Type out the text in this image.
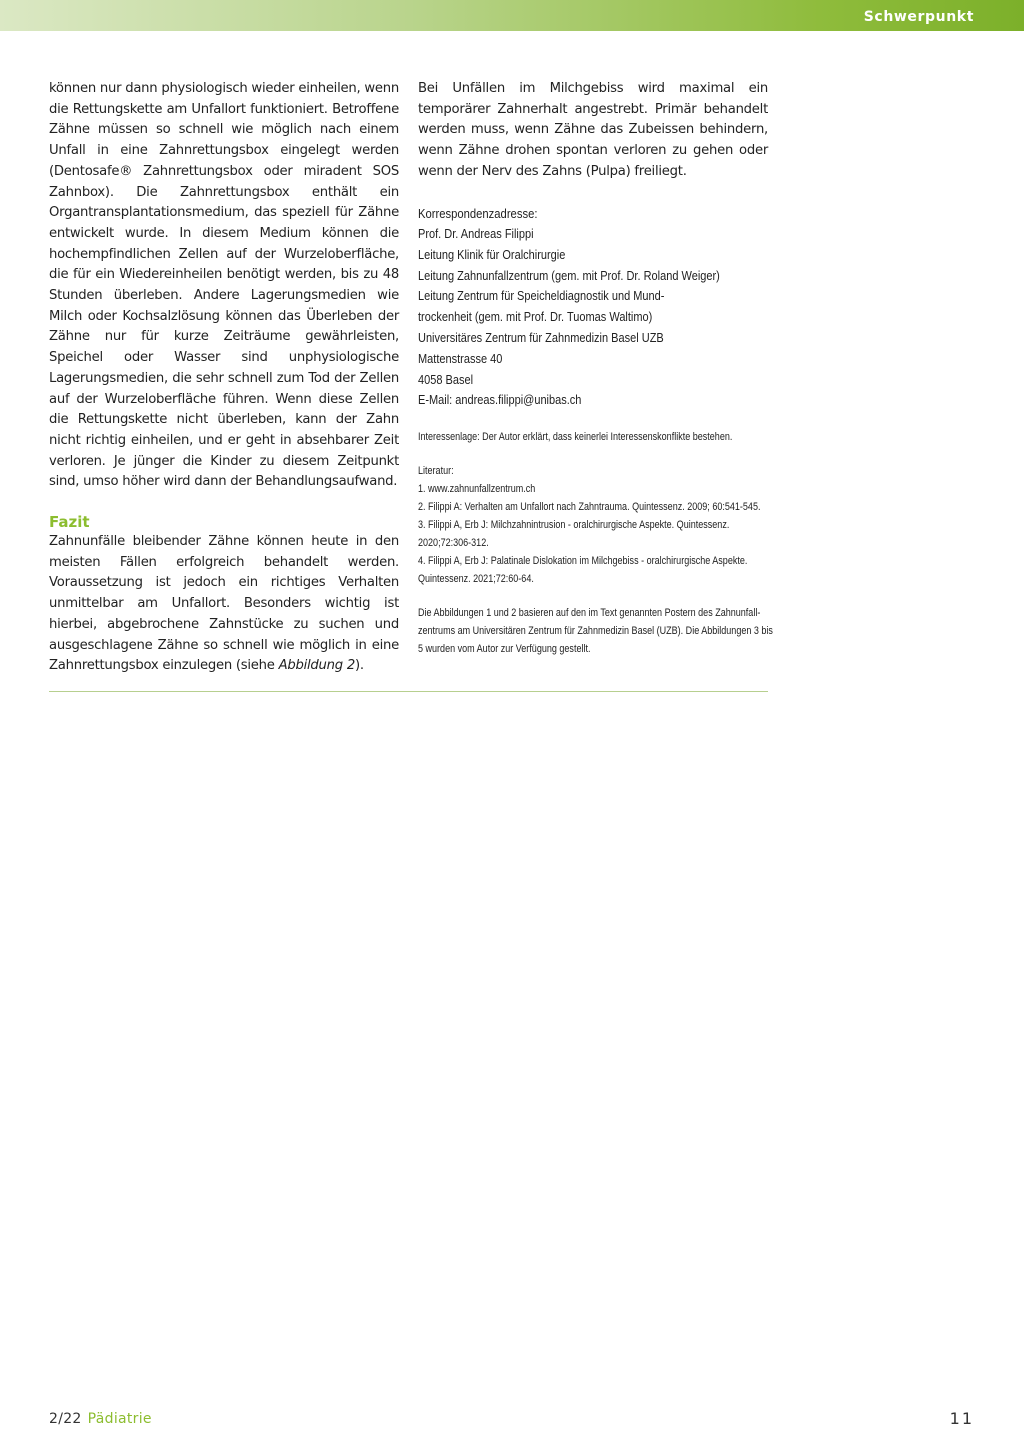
Schwerpunkt

können nur dann physiologisch wieder einheilen, wenn die Rettungskette am Unfallort funktioniert. Betroffene Zähne müssen so schnell wie möglich nach einem Unfall in eine Zahnrettungsbox eingelegt werden (Dentosafe® Zahnrettungsbox oder miradent SOS Zahnbox). Die Zahnrettungsbox enthält ein Organtransplantationsmedium, das speziell für Zähne entwickelt wurde. In diesem Medium können die hochempfindlichen Zellen auf der Wurzeloberfläche, die für ein Wiedereinheilen benötigt werden, bis zu 48 Stunden überleben. Andere Lagerungsmedien wie Milch oder Kochsalzlösung können das Überleben der Zähne nur für kurze Zeiträume gewährleisten, Speichel oder Wasser sind unphysiologische Lagerungsmedien, die sehr schnell zum Tod der Zellen auf der Wurzeloberfläche führen. Wenn diese Zellen die Rettungskette nicht überleben, kann der Zahn nicht richtig einheilen, und er geht in absehbarer Zeit verloren. Je jünger die Kinder zu diesem Zeitpunkt sind, umso höher wird dann der Behandlungsaufwand.

Fazit

Zahnunfälle bleibender Zähne können heute in den meisten Fällen erfolgreich behandelt werden. Voraussetzung ist jedoch ein richtiges Verhalten unmittelbar am Unfallort. Besonders wichtig ist hierbei, abgebrochene Zahnstücke zu suchen und ausgeschlagene Zähne so schnell wie möglich in eine Zahnrettungsbox einzulegen (siehe Abbildung 2).

Bei Unfällen im Milchgebiss wird maximal ein temporärer Zahnerhalt angestrebt. Primär behandelt werden muss, wenn Zähne das Zubeissen behindern, wenn Zähne drohen spontan verloren zu gehen oder wenn der Nerv des Zahns (Pulpa) freiliegt.

Korrespondenzadresse:

Prof. Dr. Andreas Filippi
Leitung Klinik für Oralchirurgie
Leitung Zahnunfallzentrum (gem. mit Prof. Dr. Roland Weiger)
Leitung Zentrum für Speicheldiagnostik und Mund-
trockenheit (gem. mit Prof. Dr. Tuomas Waltimo)
Universitäres Zentrum für Zahnmedizin Basel UZB
Mattenstrasse 40
4058 Basel
E-Mail: andreas.filippi@unibas.ch

Interessenlage: Der Autor erklärt, dass keinerlei Interessenskonflikte bestehen.

Literatur:

1. www.zahnunfallzentrum.ch

2. Filippi A: Verhalten am Unfallort nach Zahntrauma. Quintessenz. 2009; 60:541-545.

3. Filippi A, Erb J: Milchzahnintrusion - oralchirurgische Aspekte. Quintessenz.

2020;72:306-312.

4. Filippi A, Erb J: Palatinale Dislokation im Milchgebiss - oralchirurgische Aspekte.

Quintessenz. 2021;72:60-64.

Die Abbildungen 1 und 2 basieren auf den im Text genannten Postern des Zahnunfall-

zentrums am Universitären Zentrum für Zahnmedizin Basel (UZB). Die Abbildungen 3 bis

5 wurden vom Autor zur Verfügung gestellt.

2/22 Pädiatrie	11
